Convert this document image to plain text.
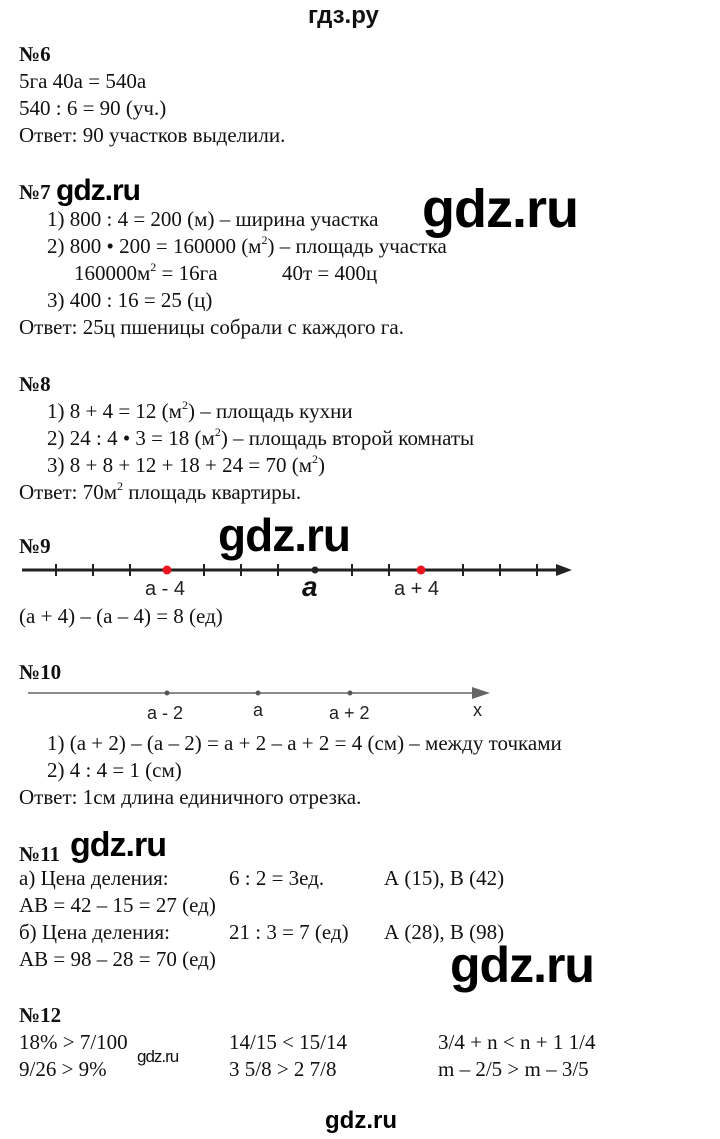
гдз.ру
№6
5га 40а = 540а
540 : 6 = 90 (уч.)
Ответ: 90 участков выделили.
№7 gdz.ru
1) 800 : 4 = 200 (м) – ширина участка gdz.ru
2) 800 • 200 = 160000 $(м^2)$ – площадь участка
$160000м^2 = 16га$	40т = 400ц
3) 400 : 16 = 25 (ц)
Ответ: 25ц пшеницы собрали с каждого га.
№8
1) 8 + 4 = 12 $(м^2)$ – площадь кухни
2) 24 : 4 • 3 = 18 $(м^2)$ – площадь второй комнаты
3) 8 + 8 + 12 + 18 + 24 = 70 $(м^2)$
Ответ: $70м^2$ площадь квартиры.
gdz.ru
№9
a - 4	a	a + 4
(а + 4) – (а – 4) = 8 (ед)
№10
a - 2	a	a + 2	x
1) (а + 2) – (а – 2) = а + 2 – а + 2 = 4 (см) – между точками
2) 4 : 4 = 1 (см)
Ответ: 1см длина единичного отрезка.
№11 gdz.ru
а) Цена деления:	6 : 2 = 3ед.	А (15), В (42)
АВ = 42 – 15 = 27 (ед)
б) Цена деления:	21 : 3 = 7 (ед) А (28), В (98)
АВ = 98 – 28 = 70 (ед)	gdz.ru
№12
18% > 7/100	14/15 < 15/14	3/4 + n < n + 1 1/4
gdz.ru
9/26 > 9%	3 5/8 > 2 7/8	m – 2/5 > m – 3/5
gdz.ru
